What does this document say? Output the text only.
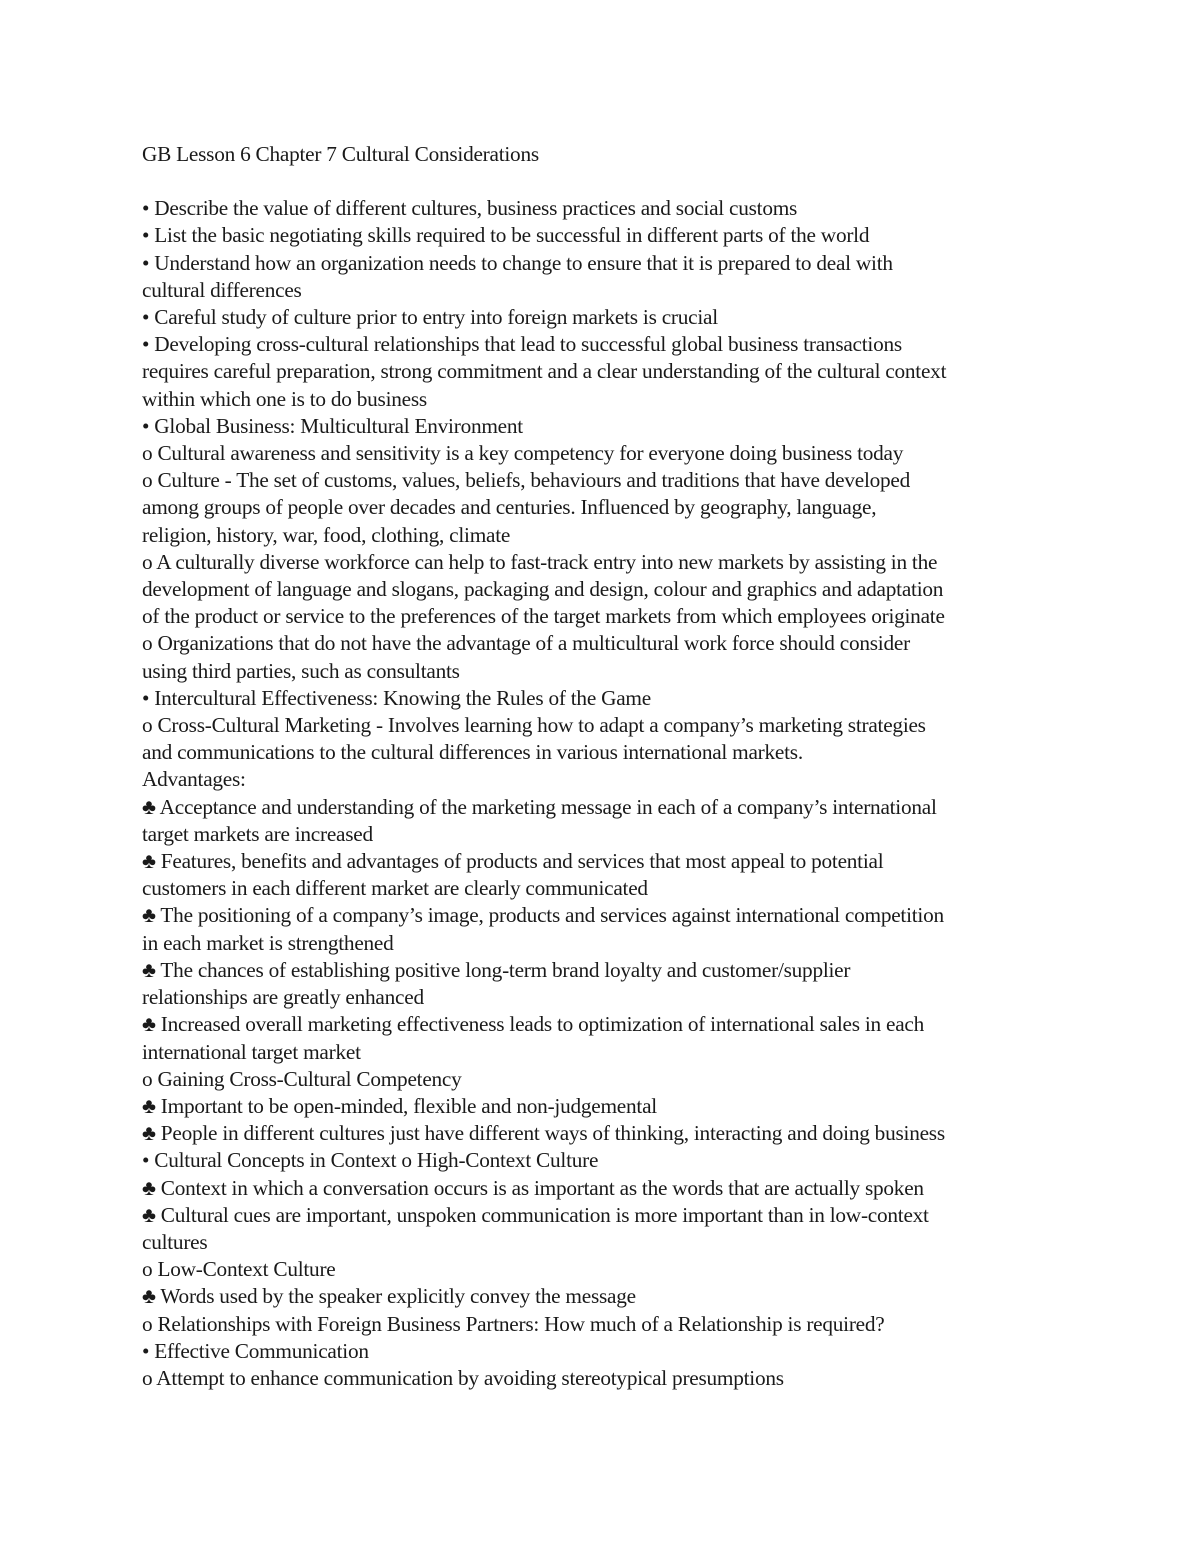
GB Lesson 6 Chapter 7 Cultural Considerations

• Describe the value of different cultures, business practices and social customs

• List the basic negotiating skills required to be successful in different parts of the world

• Understand how an organization needs to change to ensure that it is prepared to deal with

cultural differences

• Careful study of culture prior to entry into foreign markets is crucial

• Developing cross-cultural relationships that lead to successful global business transactions

requires careful preparation, strong commitment and a clear understanding of the cultural context

within which one is to do business

• Global Business: Multicultural Environment

o Cultural awareness and sensitivity is a key competency for everyone doing business today

o Culture - The set of customs, values, beliefs, behaviours and traditions that have developed

among groups of people over decades and centuries. Influenced by geography, language,

religion, history, war, food, clothing, climate

o A culturally diverse workforce can help to fast-track entry into new markets by assisting in the

development of language and slogans, packaging and design, colour and graphics and adaptation

of the product or service to the preferences of the target markets from which employees originate

o Organizations that do not have the advantage of a multicultural work force should consider

using third parties, such as consultants

• Intercultural Effectiveness: Knowing the Rules of the Game

o Cross-Cultural Marketing - Involves learning how to adapt a company’s marketing strategies

and communications to the cultural differences in various international markets.

Advantages:

♣ Acceptance and understanding of the marketing message in each of a company’s international

target markets are increased

♣ Features, benefits and advantages of products and services that most appeal to potential

customers in each different market are clearly communicated

♣ The positioning of a company’s image, products and services against international competition

in each market is strengthened

♣ The chances of establishing positive long-term brand loyalty and customer/supplier

relationships are greatly enhanced

♣ Increased overall marketing effectiveness leads to optimization of international sales in each

international target market

o Gaining Cross-Cultural Competency

♣ Important to be open-minded, flexible and non-judgemental

♣ People in different cultures just have different ways of thinking, interacting and doing business

• Cultural Concepts in Context o High-Context Culture

♣ Context in which a conversation occurs is as important as the words that are actually spoken

♣ Cultural cues are important, unspoken communication is more important than in low-context

cultures

o Low-Context Culture

♣ Words used by the speaker explicitly convey the message

o Relationships with Foreign Business Partners: How much of a Relationship is required?

• Effective Communication

o Attempt to enhance communication by avoiding stereotypical presumptions
